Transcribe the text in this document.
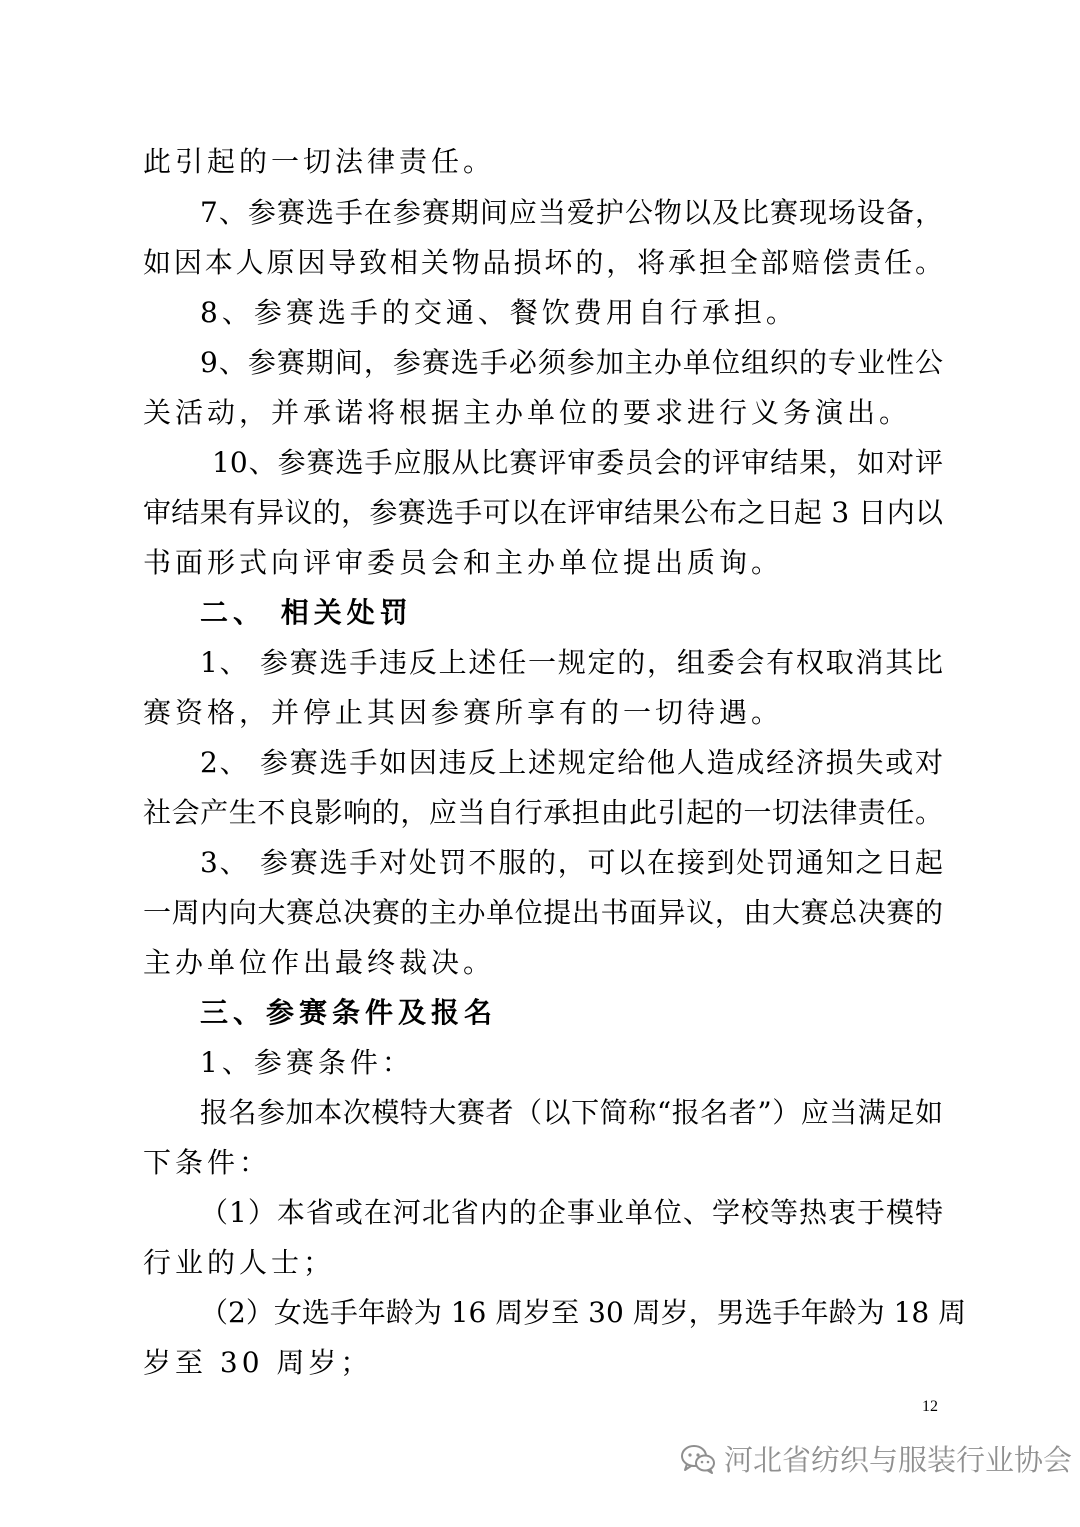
此引起的一切法律责任。
7、参赛选手在参赛期间应当爱护公物以及比赛现场设备，
如因本人原因导致相关物品损坏的，将承担全部赔偿责任。
8、参赛选手的交通、餐饮费用自行承担。
9、参赛期间，参赛选手必须参加主办单位组织的专业性公
关活动，并承诺将根据主办单位的要求进行义务演出。
10、参赛选手应服从比赛评审委员会的评审结果，如对评
审结果有异议的，参赛选手可以在评审结果公布之日起 3 日内以
书面形式向评审委员会和主办单位提出质询。
二、 相关处罚
1、 参赛选手违反上述任一规定的，组委会有权取消其比
赛资格，并停止其因参赛所享有的一切待遇。
2、 参赛选手如因违反上述规定给他人造成经济损失或对
社会产生不良影响的，应当自行承担由此引起的一切法律责任。
3、 参赛选手对处罚不服的，可以在接到处罚通知之日起
一周内向大赛总决赛的主办单位提出书面异议，由大赛总决赛的
主办单位作出最终裁决。
三、参赛条件及报名
1、参赛条件：
报名参加本次模特大赛者（以下简称“报名者”）应当满足如
下条件：
（1）本省或在河北省内的企事业单位、学校等热衷于模特
行业的人士；
（2）女选手年龄为 16 周岁至 30 周岁，男选手年龄为 18 周
岁至 30 周岁；
12
河北省纺织与服装行业协会
